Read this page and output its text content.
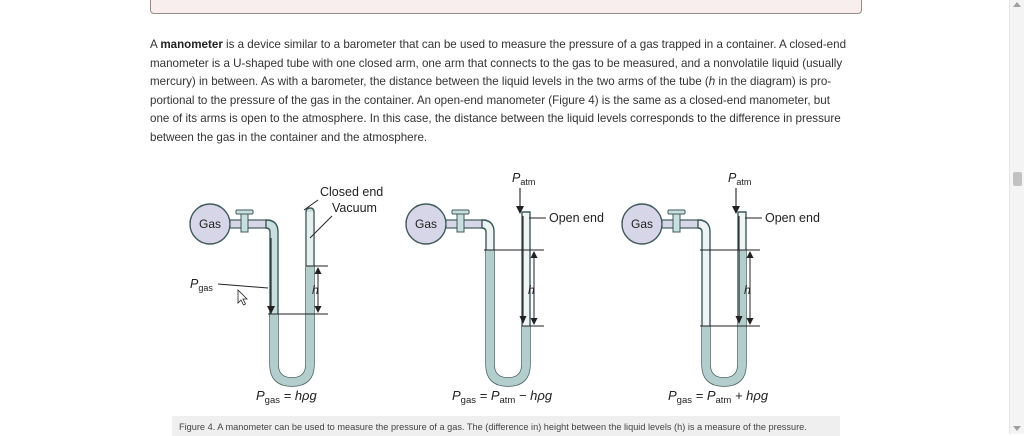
A manometer is a device similar to a barometer that can be used to measure the pressure of a gas trapped in a container. A closed-end
manometer is a U-shaped tube with one closed arm, one arm that connects to the gas to be measured, and a nonvolatile liquid (usually
mercury) in between. As with a barometer, the distance between the liquid levels in the two arms of the tube (h in the diagram) is pro-
portional to the pressure of the gas in the container. An open-end manometer (Figure 4) is the same as a closed-end manometer, but
one of its arms is open to the atmosphere. In this case, the distance between the liquid levels corresponds to the difference in pressure
between the gas in the container and the atmosphere.
Gas
h
Closed end
Vacuum
$P_{gas}$
$P_{gas} = h\rho g$
Gas
h
$P_{atm}$
Open end
$P_{gas} = P_{atm} - h\rho g$
Gas
h
$P_{atm}$
Open end
$P_{gas} = P_{atm} + h\rho g$
Figure 4. A manometer can be used to measure the pressure of a gas. The (difference in) height between the liquid levels (h) is a measure of the pressure.
